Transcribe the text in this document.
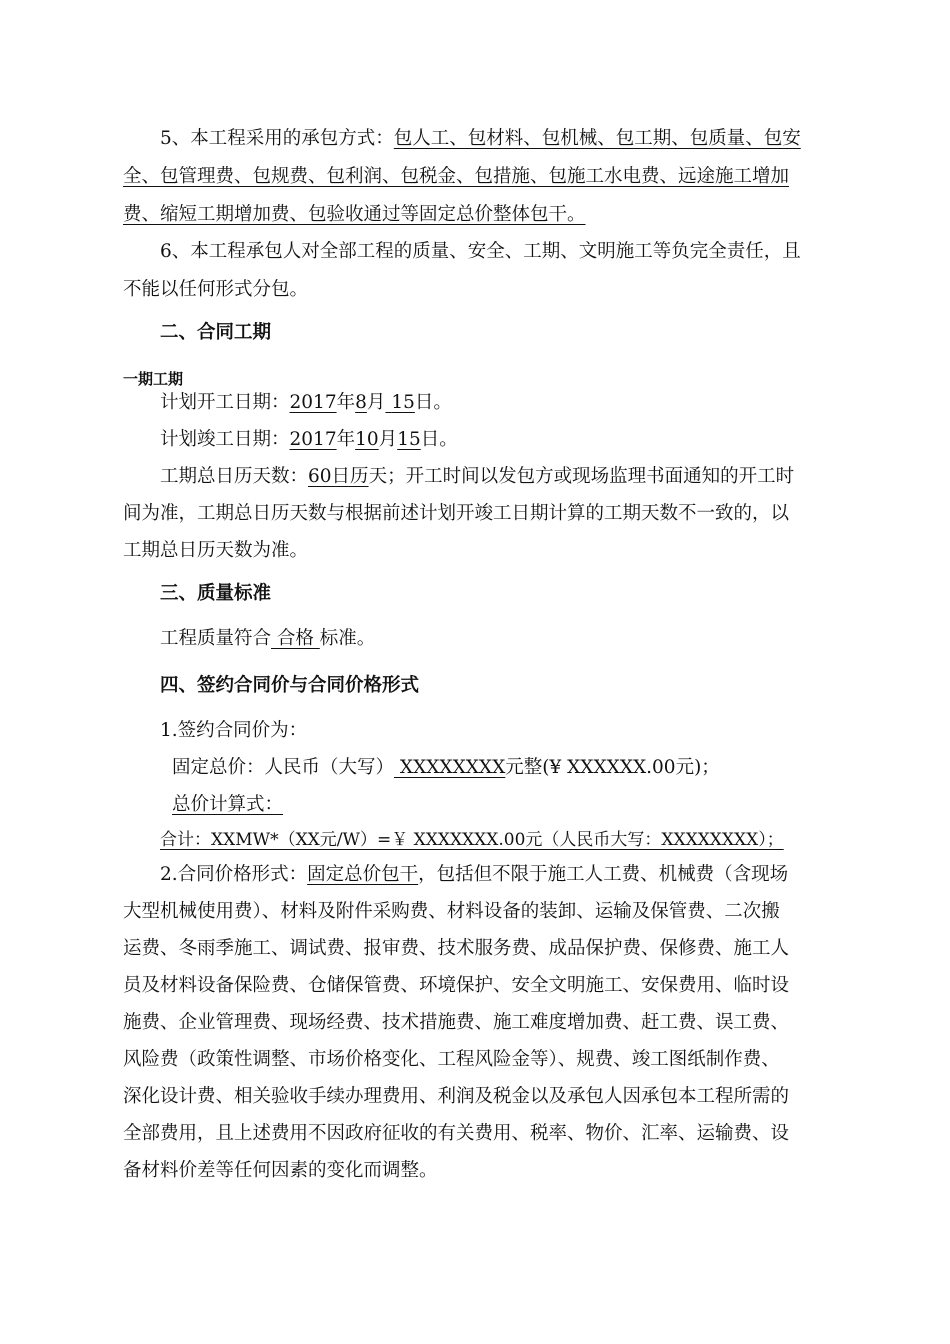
5、本工程采用的承包方式：包人工、包材料、包机械、包工期、包质量、包安

全、包管理费、包规费、包利润、包税金、包措施、包施工水电费、远途施工增加

费、缩短工期增加费、包验收通过等固定总价整体包干。

6、本工程承包人对全部工程的质量、安全、工期、文明施工等负完全责任，且

不能以任何形式分包。

二、合同工期

一期工期

计划开工日期：2017年8月 15日。

计划竣工日期：2017年10月15日。

工期总日历天数：60日历天；开工时间以发包方或现场监理书面通知的开工时

间为准，工期总日历天数与根据前述计划开竣工日期计算的工期天数不一致的，以

工期总日历天数为准。

三、质量标准

工程质量符合 合格 标准。

四、签约合同价与合同价格形式

1.签约合同价为：

固定总价：人民币（大写） XXXXXXXX元整(¥ XXXXXX.00元)；

总价计算式：

合计：XXMW*（XX元/W）=￥ XXXXXXX.00元（人民币大写：XXXXXXXX）；

2.合同价格形式：固定总价包干，包括但不限于施工人工费、机械费（含现场

大型机械使用费）、材料及附件采购费、材料设备的装卸、运输及保管费、二次搬

运费、冬雨季施工、调试费、报审费、技术服务费、成品保护费、保修费、施工人

员及材料设备保险费、仓储保管费、环境保护、安全文明施工、安保费用、临时设

施费、企业管理费、现场经费、技术措施费、施工难度增加费、赶工费、误工费、

风险费（政策性调整、市场价格变化、工程风险金等）、规费、竣工图纸制作费、

深化设计费、相关验收手续办理费用、利润及税金以及承包人因承包本工程所需的

全部费用，且上述费用不因政府征收的有关费用、税率、物价、汇率、运输费、设

备材料价差等任何因素的变化而调整。
